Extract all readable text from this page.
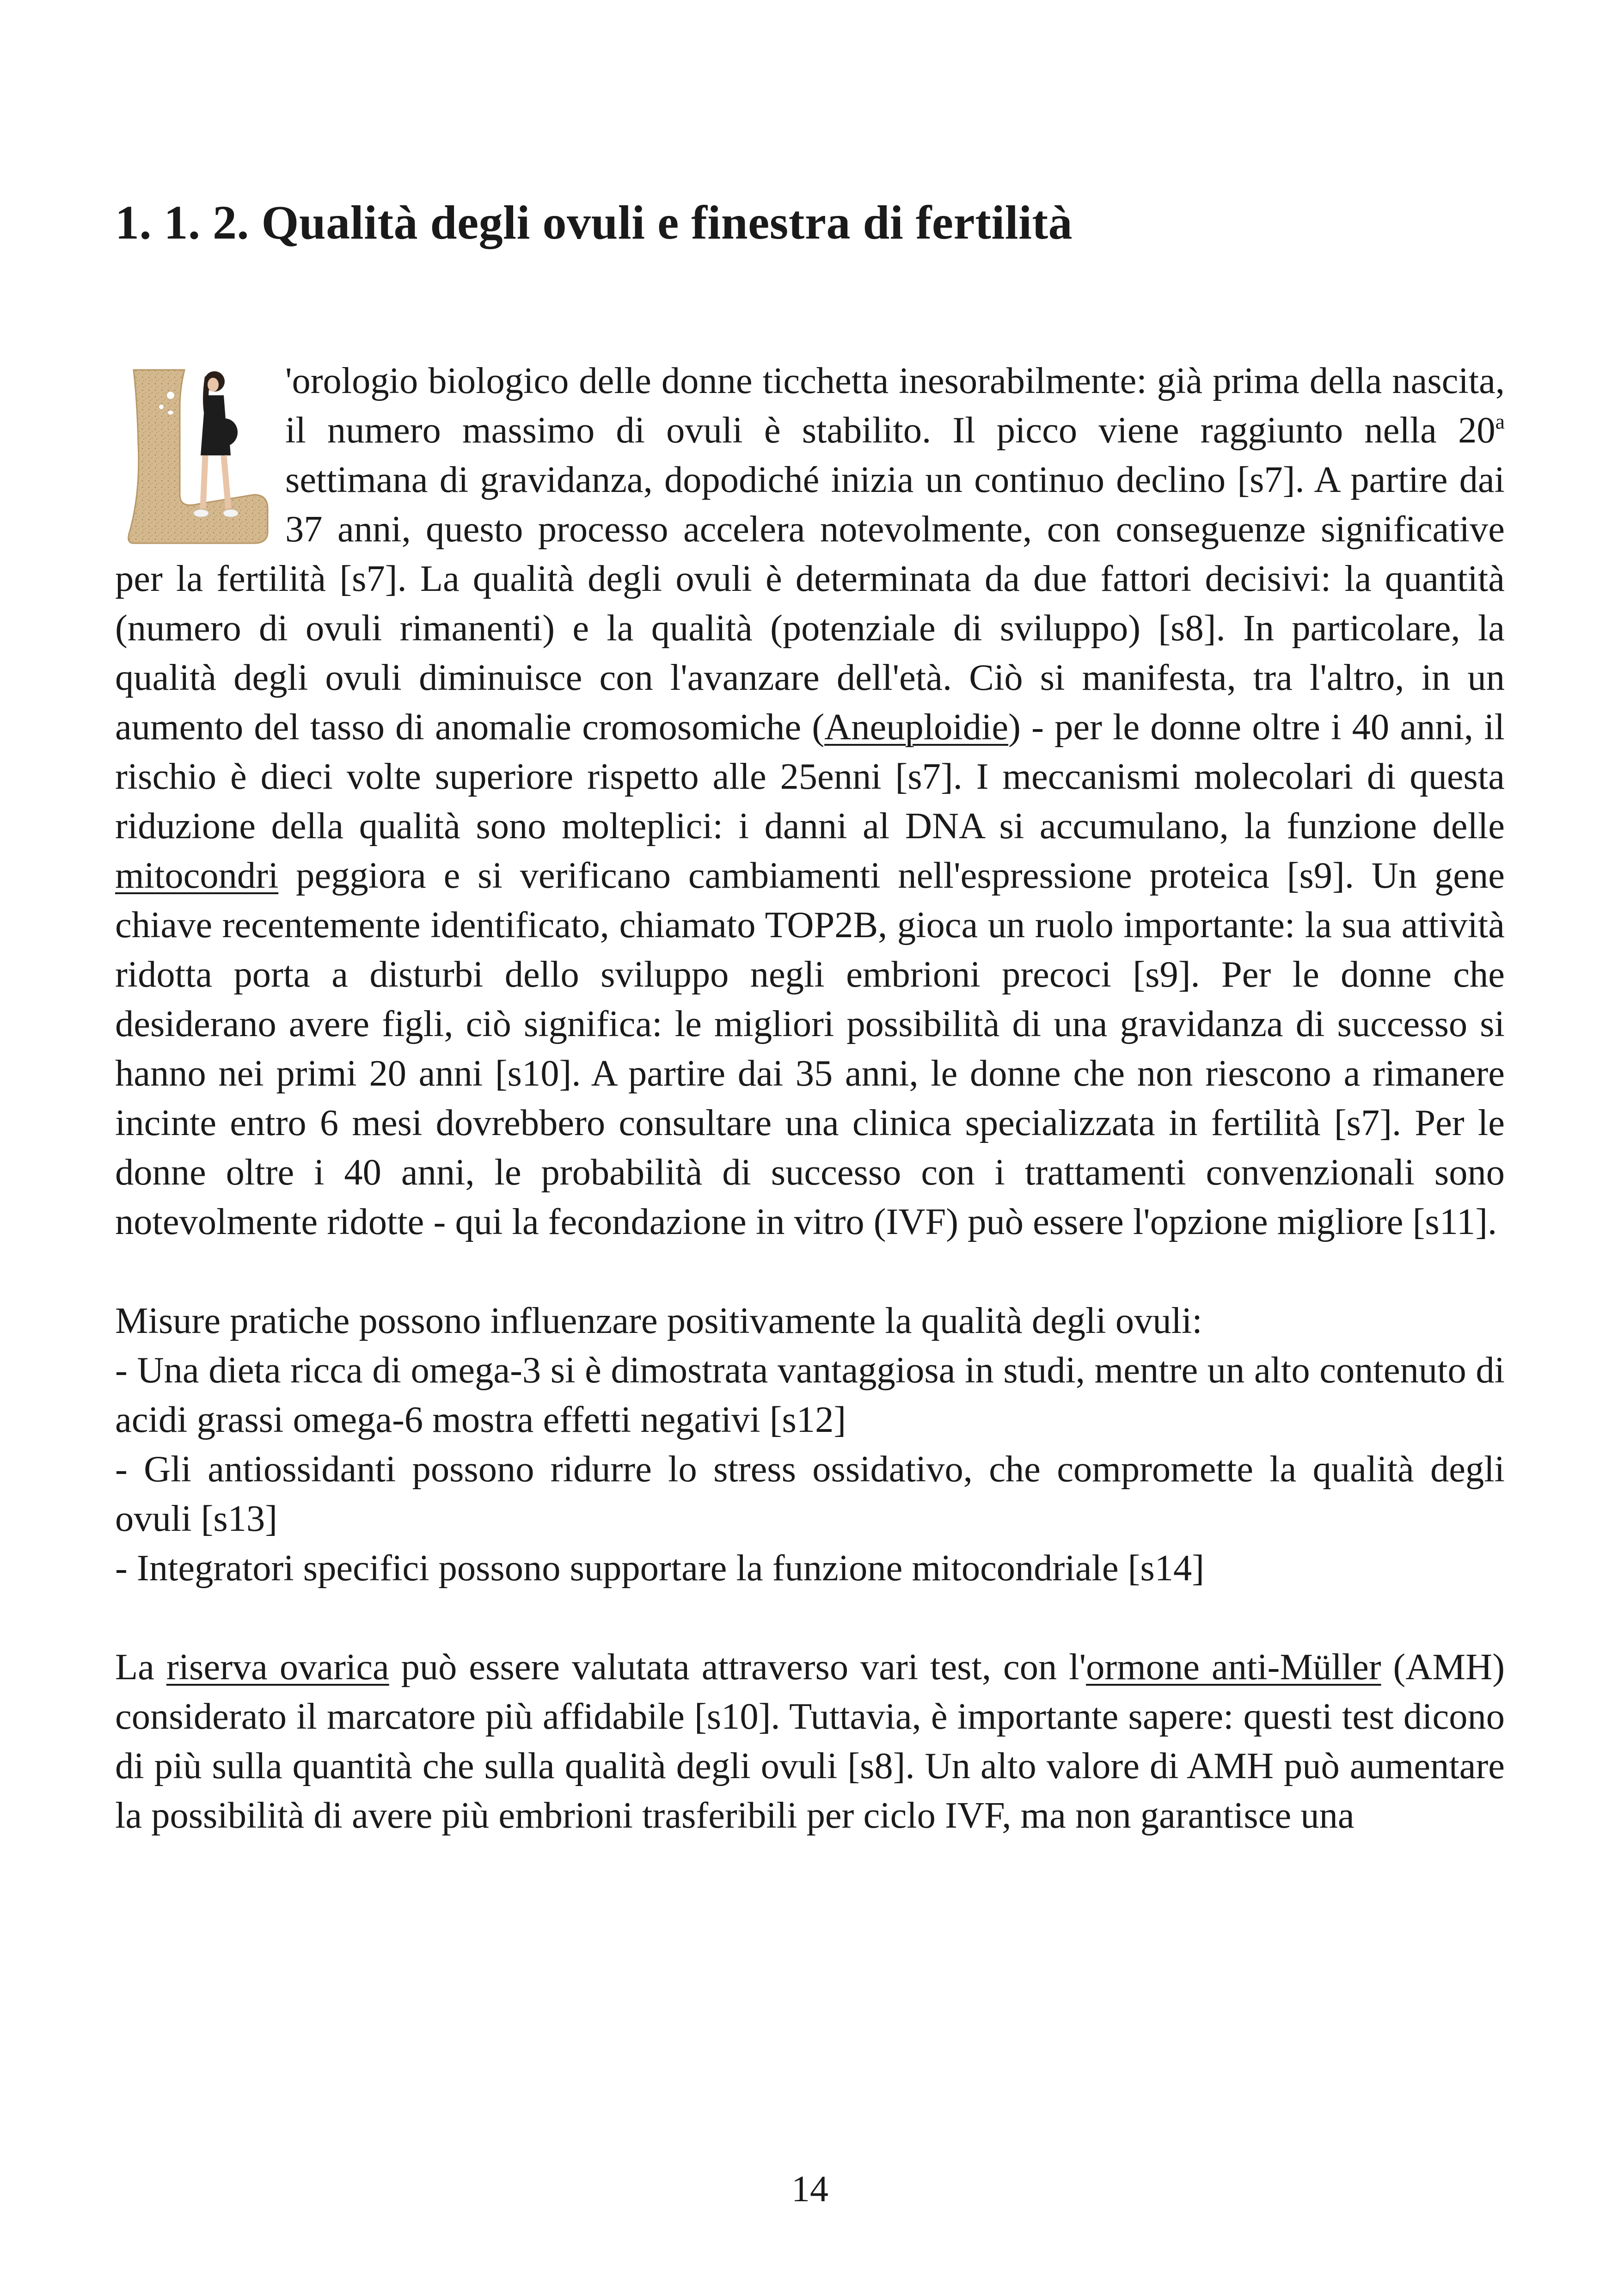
1. 1. 2. Qualità degli ovuli e finestra di fertilità

'orologio biologico delle donne ticchetta inesorabilmente: già prima della nascita, il numero massimo di ovuli è stabilito. Il picco viene raggiunto nella 20$^a$ settimana di gravidanza, dopodiché inizia un continuo declino [s7]. A partire dai 37 anni, questo processo accelera notevolmente, con conseguenze significative per la fertilità [s7]. La qualità degli ovuli è determinata da due fattori decisivi: la quantità (numero di ovuli rimanenti) e la qualità (potenziale di sviluppo) [s8]. In particolare, la qualità degli ovuli diminuisce con l'avanzare dell'età. Ciò si manifesta, tra l'altro, in un aumento del tasso di anomalie cromosomiche (Aneuploidie) - per le donne oltre i 40 anni, il rischio è dieci volte superiore rispetto alle 25enni [s7]. I meccanismi molecolari di questa riduzione della qualità sono molteplici: i danni al DNA si accumulano, la funzione delle mitocondri peggiora e si verificano cambiamenti nell'espressione proteica [s9]. Un gene chiave recentemente identificato, chiamato TOP2B, gioca un ruolo importante: la sua attività ridotta porta a disturbi dello sviluppo negli embrioni precoci [s9]. Per le donne che desiderano avere figli, ciò significa: le migliori possibilità di una gravidanza di successo si hanno nei primi 20 anni [s10]. A partire dai 35 anni, le donne che non riescono a rimanere incinte entro 6 mesi dovrebbero consultare una clinica specializzata in fertilità [s7]. Per le donne oltre i 40 anni, le probabilità di successo con i trattamenti convenzionali sono notevolmente ridotte - qui la fecondazione in vitro (IVF) può essere l'opzione migliore [s11].

Misure pratiche possono influenzare positivamente la qualità degli ovuli:
- Una dieta ricca di omega-3 si è dimostrata vantaggiosa in studi, mentre un alto contenuto di acidi grassi omega-6 mostra effetti negativi [s12]
- Gli antiossidanti possono ridurre lo stress ossidativo, che compromette la qualità degli ovuli [s13]
- Integratori specifici possono supportare la funzione mitocondriale [s14]

La riserva ovarica può essere valutata attraverso vari test, con l'ormone anti-Müller (AMH) considerato il marcatore più affidabile [s10]. Tuttavia, è importante sapere: questi test dicono di più sulla quantità che sulla qualità degli ovuli [s8]. Un alto valore di AMH può aumentare la possibilità di avere più embrioni trasferibili per ciclo IVF, ma non garantisce una

14
